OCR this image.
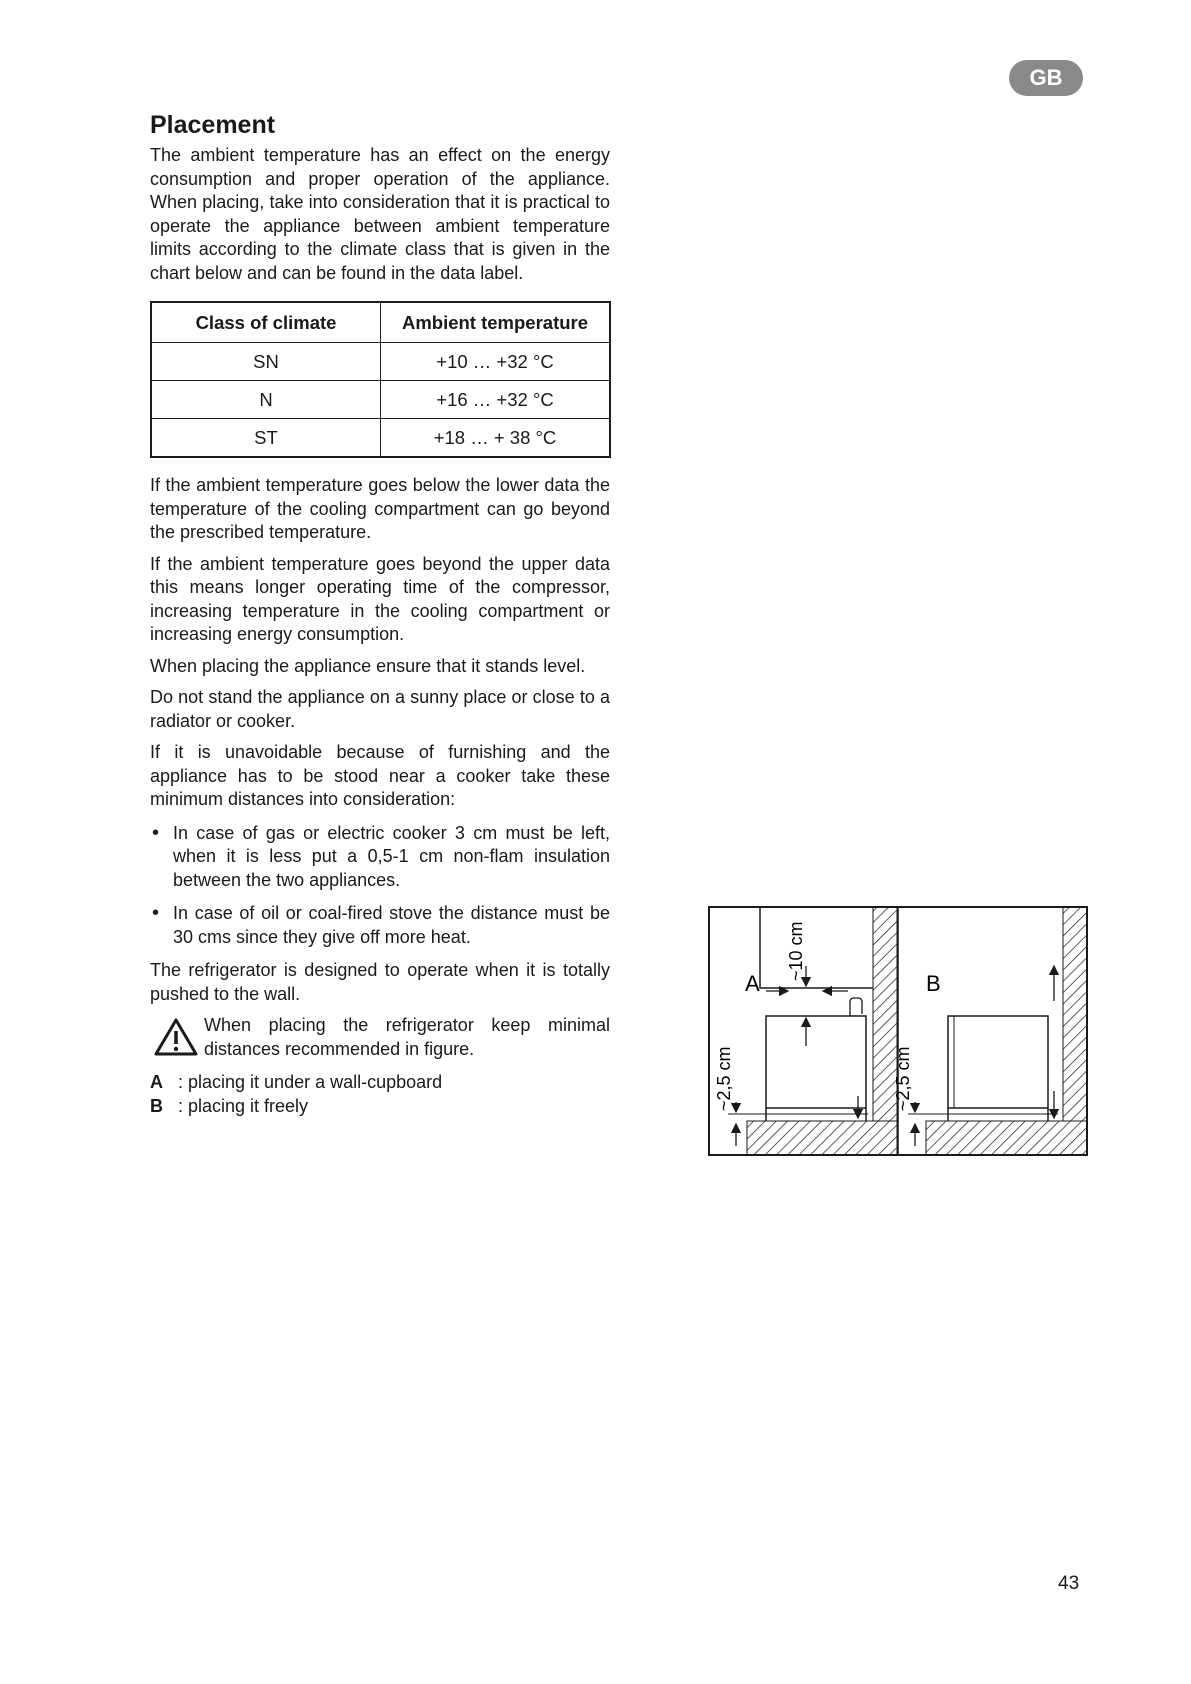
GB
Placement

The ambient temperature has an effect on the energy consumption and proper operation of the appliance. When placing, take into consideration that it is practical to operate the appliance between ambient temperature limits according to the climate class that is given in the chart below and can be found in the data label.

Class of climate	Ambient temperature
SN	+10 … +32 °C
N	+16 … +32 °C
ST	+18 … + 38 °C

If the ambient temperature goes below the lower data the temperature of the cooling compartment can go beyond the prescribed temperature.

If the ambient temperature goes beyond the upper data this means longer operating time of the compressor, increasing temperature in the cooling compartment or increasing energy consumption.

When placing the appliance ensure that it stands level.

Do not stand the appliance on a sunny place or close to a radiator or cooker.

If it is unavoidable because of furnishing and the appliance has to be stood near a cooker take these minimum distances into consideration:

• In case of gas or electric cooker 3 cm must be left, when it is less put a 0,5-1 cm non-flam insulation between the two appliances.
• In case of oil or coal-fired stove the distance must be 30 cms since they give off more heat.

The refrigerator is designed to operate when it is totally pushed to the wall.

When placing the refrigerator keep minimal distances recommended in figure.

A : placing it under a wall-cupboard
B : placing it freely
A
~10 cm
~2,5 cm
B
~2,5 cm
43
